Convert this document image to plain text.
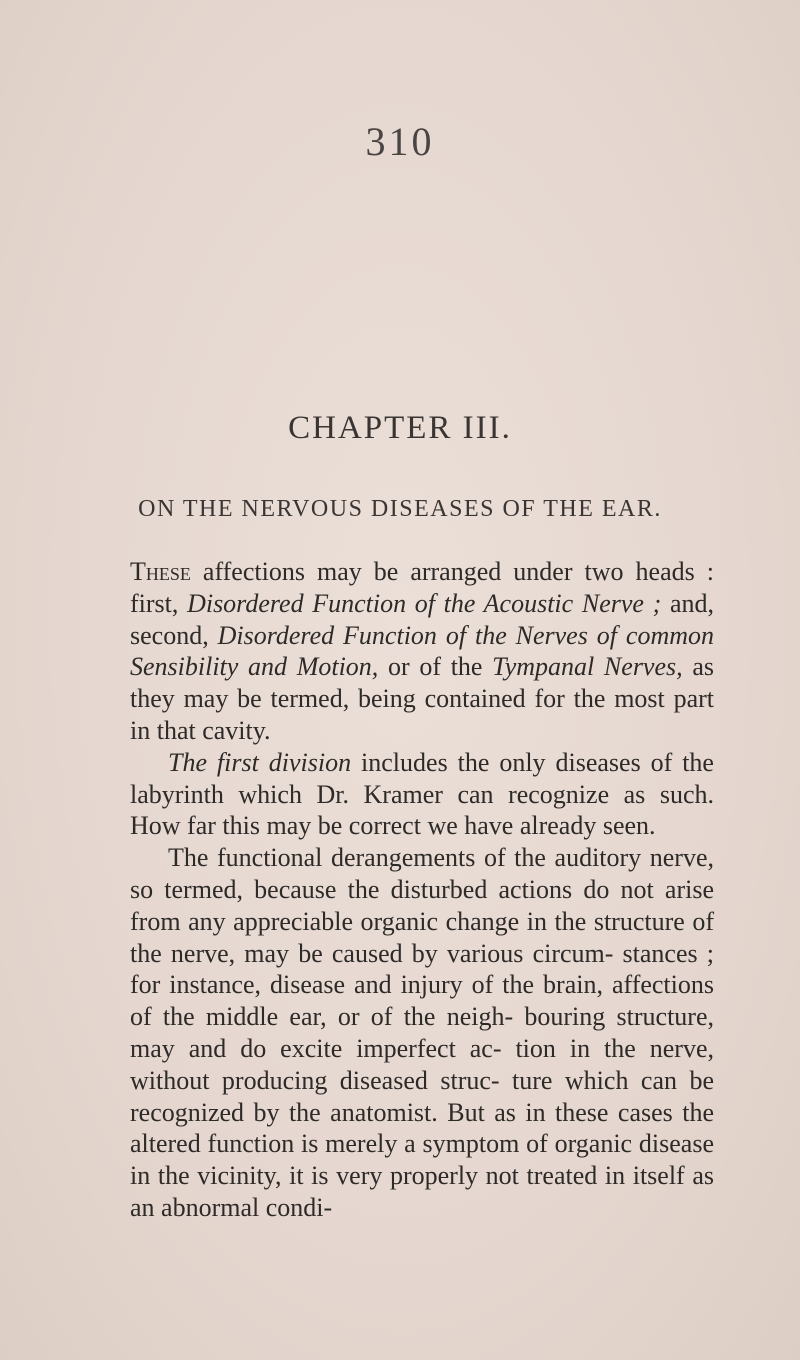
310
CHAPTER III.
ON THE NERVOUS DISEASES OF THE EAR.

These affections may be arranged under two heads : first, Disordered Function of the Acoustic Nerve ; and, second, Disordered Function of the Nerves of common Sensibility and Motion, or of the Tympanal Nerves, as they may be termed, being contained for the most part in that cavity.

The first division includes the only diseases of the labyrinth which Dr. Kramer can recognize as such. How far this may be correct we have already seen.

The functional derangements of the auditory nerve, so termed, because the disturbed actions do not arise from any appreciable organic change in the structure of the nerve, may be caused by various circum- stances ; for instance, disease and injury of the brain, affections of the middle ear, or of the neigh- bouring structure, may and do excite imperfect ac- tion in the nerve, without producing diseased struc- ture which can be recognized by the anatomist. But as in these cases the altered function is merely a symptom of organic disease in the vicinity, it is very properly not treated in itself as an abnormal condi-
